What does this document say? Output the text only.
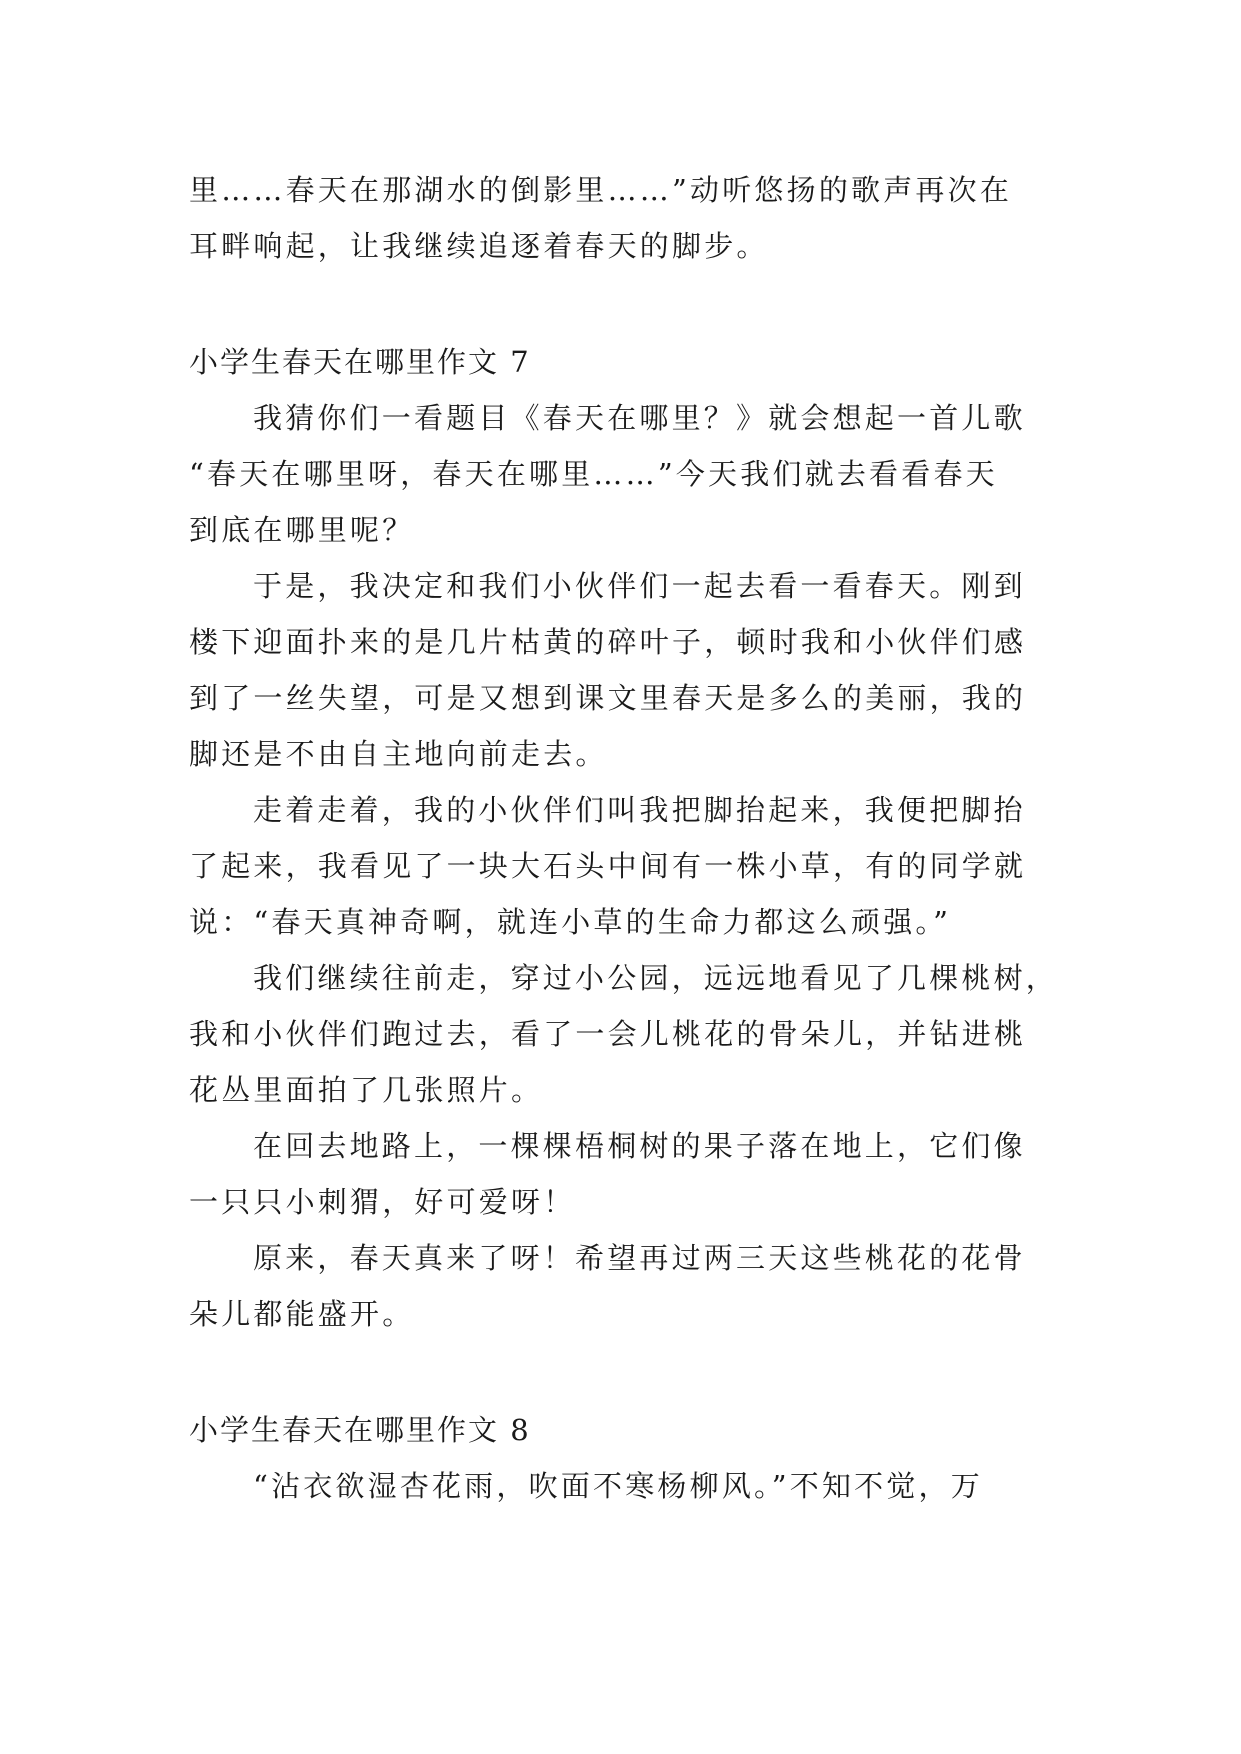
里……春天在那湖水的倒影里……”动听悠扬的歌声再次在
耳畔响起，让我继续追逐着春天的脚步。
小学生春天在哪里作文 7
我猜你们一看题目《春天在哪里？》就会想起一首儿歌
“春天在哪里呀，春天在哪里……”今天我们就去看看春天
到底在哪里呢？
于是，我决定和我们小伙伴们一起去看一看春天。刚到
楼下迎面扑来的是几片枯黄的碎叶子，顿时我和小伙伴们感
到了一丝失望，可是又想到课文里春天是多么的美丽，我的
脚还是不由自主地向前走去。
走着走着，我的小伙伴们叫我把脚抬起来，我便把脚抬
了起来，我看见了一块大石头中间有一株小草，有的同学就
说：“春天真神奇啊，就连小草的生命力都这么顽强。”
我们继续往前走，穿过小公园，远远地看见了几棵桃树，
我和小伙伴们跑过去，看了一会儿桃花的骨朵儿，并钻进桃
花丛里面拍了几张照片。
在回去地路上，一棵棵梧桐树的果子落在地上，它们像
一只只小刺猬，好可爱呀！
原来，春天真来了呀！希望再过两三天这些桃花的花骨
朵儿都能盛开。
小学生春天在哪里作文 8
“沾衣欲湿杏花雨，吹面不寒杨柳风。”不知不觉，万
